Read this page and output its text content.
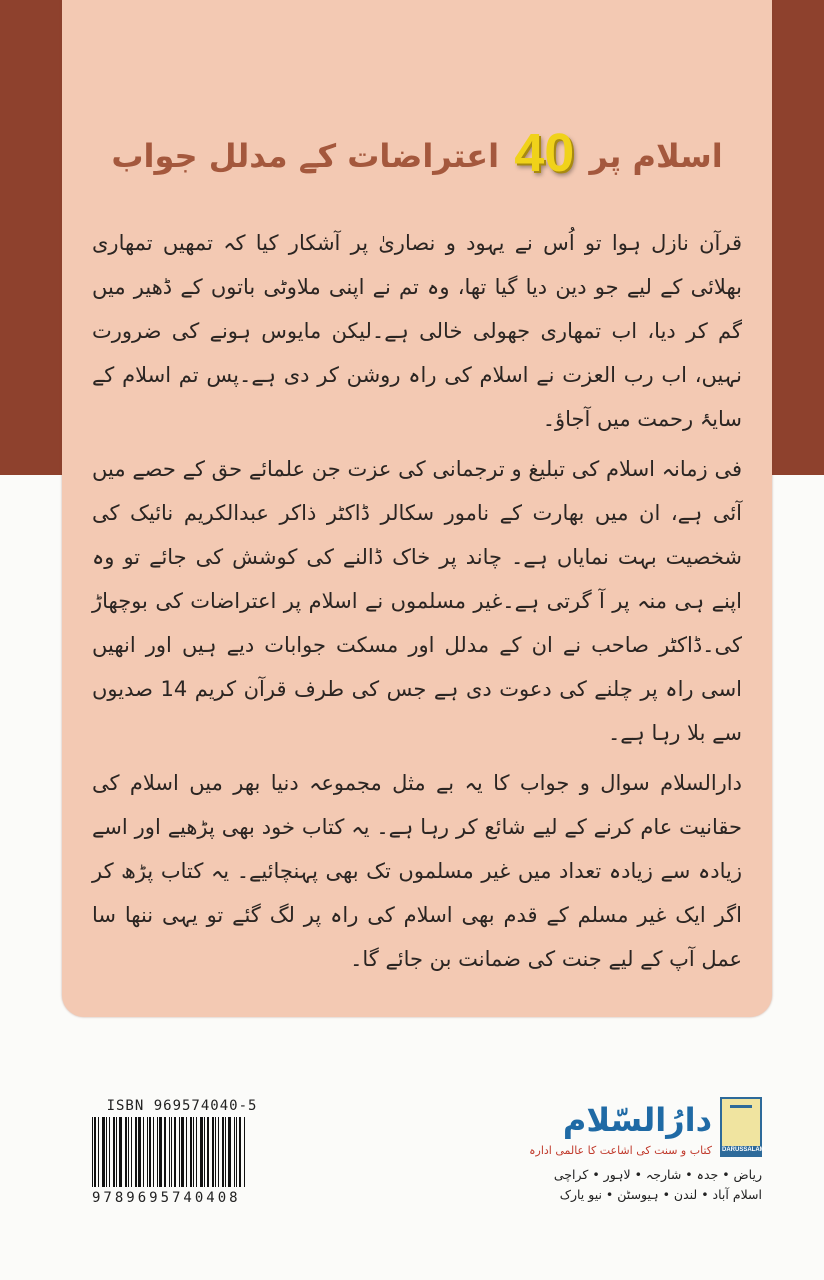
اسلام پر 40 اعتراضات کے مدلل جواب

قرآن نازل ہوا تو اُس نے یہود و نصاریٰ پر آشکار کیا کہ تمھیں تمھاری بھلائی کے لیے جو دین دیا گیا تھا، وہ تم نے اپنی ملاوٹی باتوں کے ڈھیر میں گم کر دیا، اب تمھاری جھولی خالی ہے۔لیکن مایوس ہونے کی ضرورت نہیں، اب رب العزت نے اسلام کی راہ روشن کر دی ہے۔پس تم اسلام کے سایۂ رحمت میں آجاؤ۔

فی زمانہ اسلام کی تبلیغ و ترجمانی کی عزت جن علمائے حق کے حصے میں آئی ہے، ان میں بھارت کے نامور سکالر ڈاکٹر ذاکر عبدالکریم نائیک کی شخصیت بہت نمایاں ہے۔ چاند پر خاک ڈالنے کی کوشش کی جائے تو وہ اپنے ہی منہ پر آ گرتی ہے۔غیر مسلموں نے اسلام پر اعتراضات کی بوچھاڑ کی۔ڈاکٹر صاحب نے ان کے مدلل اور مسکت جوابات دیے ہیں اور انھیں اسی راہ پر چلنے کی دعوت دی ہے جس کی طرف قرآن کریم 14 صدیوں سے بلا رہا ہے۔

دارالسلام سوال و جواب کا یہ بے مثل مجموعہ دنیا بھر میں اسلام کی حقانیت عام کرنے کے لیے شائع کر رہا ہے۔ یہ کتاب خود بھی پڑھیے اور اسے زیادہ سے زیادہ تعداد میں غیر مسلموں تک بھی پہنچائیے۔ یہ کتاب پڑھ کر اگر ایک غیر مسلم کے قدم بھی اسلام کی راہ پر لگ گئے تو یہی ننھا سا عمل آپ کے لیے جنت کی ضمانت بن جائے گا۔

ISBN 969574040-5
9789695740408
دارُالسّلام
کتاب و سنت کی اشاعت کا عالمی ادارہ DARUSSALAM
ریاض • جدہ • شارجہ • لاہور • کراچی
اسلام آباد • لندن • ہیوسٹن • نیو یارک
